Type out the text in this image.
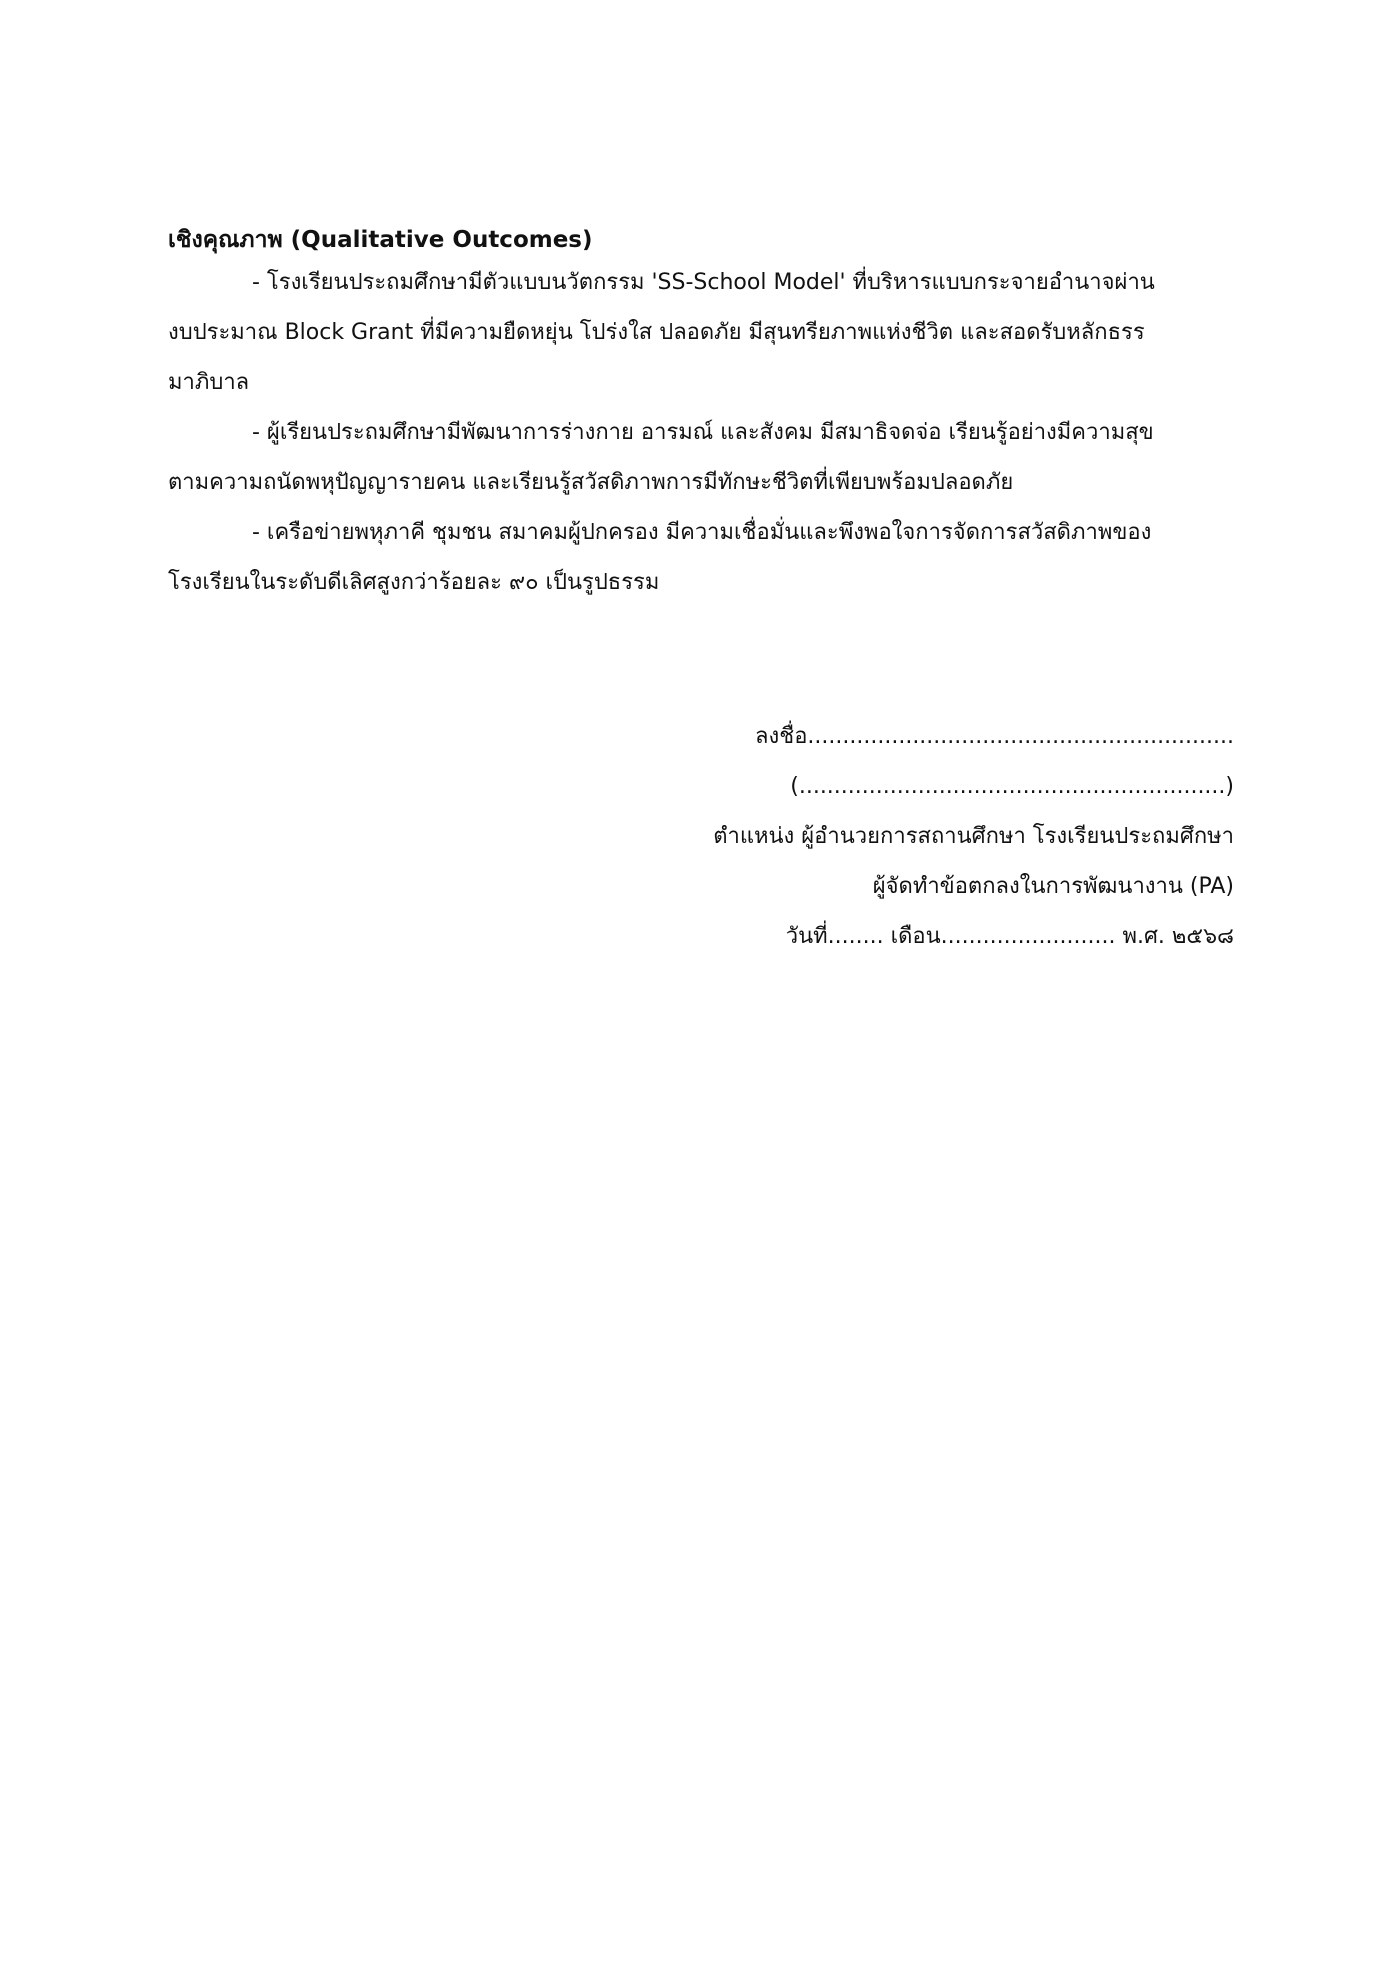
เชิงคุณภาพ (Qualitative Outcomes)

- โรงเรียนประถมศึกษามีตัวแบบนวัตกรรม 'SS-School Model' ที่บริหารแบบกระจายอำนาจผ่าน
งบประมาณ Block Grant ที่มีความยืดหยุ่น โปร่งใส ปลอดภัย มีสุนทรียภาพแห่งชีวิต และสอดรับหลักธรร
มาภิบาล

- ผู้เรียนประถมศึกษามีพัฒนาการร่างกาย อารมณ์ และสังคม มีสมาธิจดจ่อ เรียนรู้อย่างมีความสุข
ตามความถนัดพหุปัญญารายคน และเรียนรู้สวัสดิภาพการมีทักษะชีวิตที่เพียบพร้อมปลอดภัย

- เครือข่ายพหุภาคี ชุมชน สมาคมผู้ปกครอง มีความเชื่อมั่นและพึงพอใจการจัดการสวัสดิภาพของ
โรงเรียนในระดับดีเลิศสูงกว่าร้อยละ ๙๐ เป็นรูปธรรม

ลงชื่อ.............................................................
(.............................................................)
ตำแหน่ง ผู้อำนวยการสถานศึกษา โรงเรียนประถมศึกษา
ผู้จัดทำข้อตกลงในการพัฒนางาน (PA)
วันที่........ เดือน......................... พ.ศ. ๒๕๖๘
